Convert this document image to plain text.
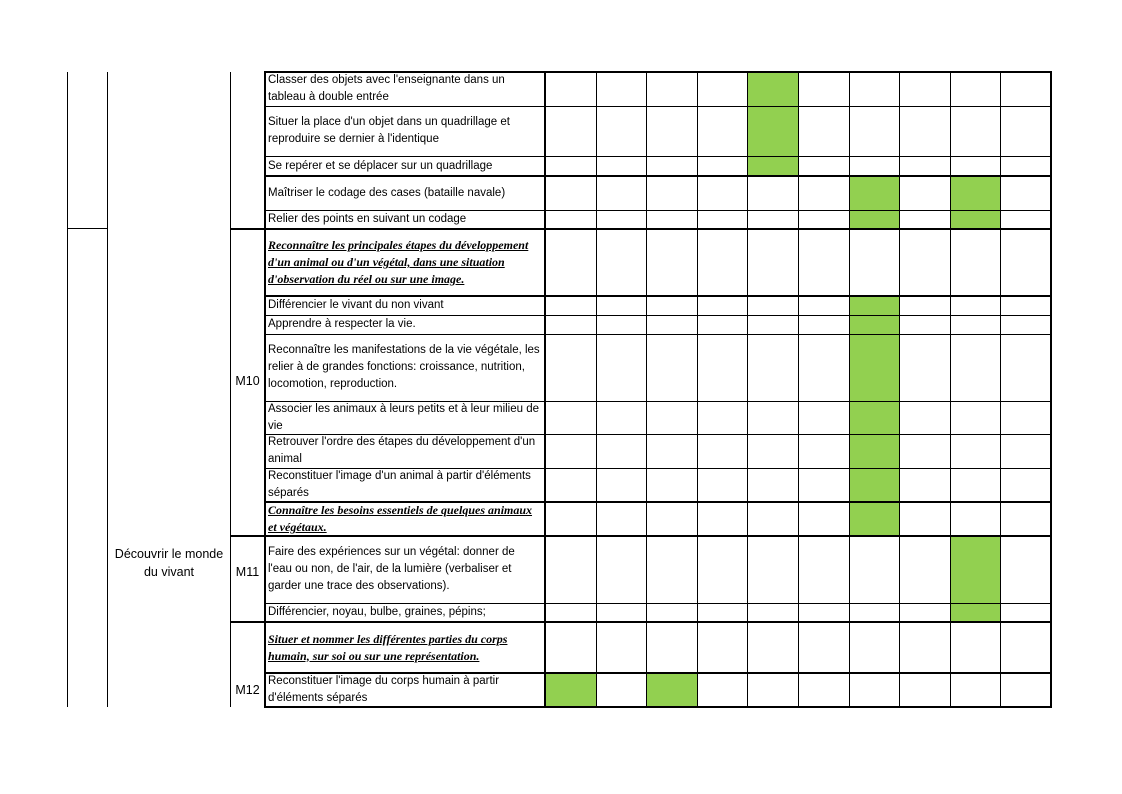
Classer des objets avec l'enseignante dans un tableau à double entrée
Situer la place d'un objet dans un quadrillage et reproduire se dernier à l'identique
Se repérer et se déplacer sur un quadrillage
Maîtriser le codage des cases (bataille navale)
Relier des points en suivant un codage
Reconnaître les principales étapes du développement d'un animal ou d'un végétal, dans une situation d'observation du réel ou sur une image.
Différencier le vivant du non vivant
Apprendre à respecter la vie.
Reconnaître les manifestations de la vie végétale, les relier à de grandes fonctions: croissance, nutrition, locomotion, reproduction.
Associer les animaux à leurs petits et à leur milieu de vie
Retrouver l'ordre des étapes du développement d'un animal
Reconstituer l'image d'un animal à partir d'éléments séparés
Connaître les besoins essentiels de quelques animaux et végétaux.
Faire des expériences sur un végétal: donner de l'eau ou non, de l'air, de la lumière (verbaliser et garder une trace des observations).
Différencier, noyau, bulbe, graines, pépins;
Situer et nommer les différentes parties du corps humain, sur soi ou sur une représentation.
Reconstituer l'image du corps humain à partir d'éléments séparés
M10
M11
M12
Découvrir le monde du vivant
